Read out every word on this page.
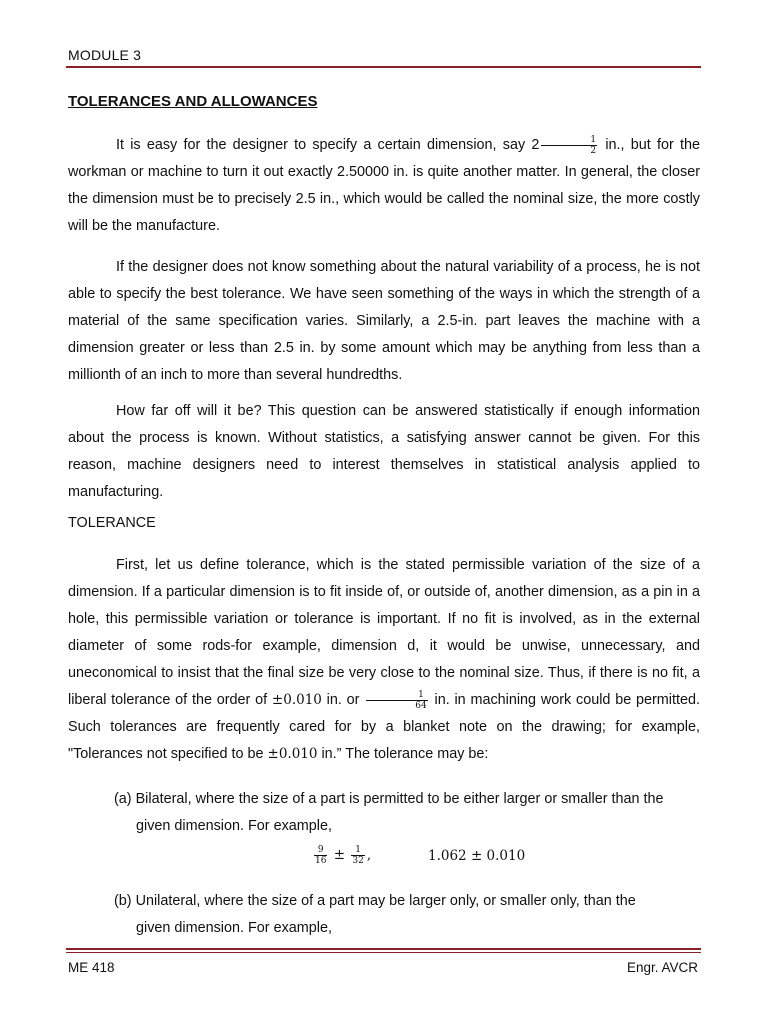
MODULE 3
TOLERANCES AND ALLOWANCES

It is easy for the designer to specify a certain dimension, say $2 \frac{1}{2}$ in., but for the workman or machine to turn it out exactly 2.50000 in. is quite another matter. In general, the closer the dimension must be to precisely 2.5 in., which would be called the nominal size, the more costly will be the manufacture.

If the designer does not know something about the natural variability of a process, he is not able to specify the best tolerance. We have seen something of the ways in which the strength of a material of the same specification varies. Similarly, a 2.5-in. part leaves the machine with a dimension greater or less than 2.5 in. by some amount which may be anything from less than a millionth of an inch to more than several hundredths.

How far off will it be? This question can be answered statistically if enough information about the process is known. Without statistics, a satisfying answer cannot be given. For this reason, machine designers need to interest themselves in statistical analysis applied to manufacturing.

TOLERANCE

First, let us define tolerance, which is the stated permissible variation of the size of a dimension. If a particular dimension is to fit inside of, or outside of, another dimension, as a pin in a hole, this permissible variation or tolerance is important. If no fit is involved, as in the external diameter of some rods-for example, dimension d, it would be unwise, unnecessary, and uneconomical to insist that the final size be very close to the nominal size. Thus, if there is no fit, a liberal tolerance of the order of ±0.010 in. or $\frac{1}{64}$ in. in machining work could be permitted. Such tolerances are frequently cared for by a blanket note on the drawing; for example, "Tolerances not specified to be ±0.010 in.” The tolerance may be:

(a) Bilateral, where the size of a part is permitted to be either larger or smaller than the
given dimension. For example,
$\frac{9}{16} \pm \frac{1}{32}$ ,	1.062 ± 0.010
(b) Unilateral, where the size of a part may be larger only, or smaller only, than the
given dimension. For example,
ME 418	Engr. AVCR
